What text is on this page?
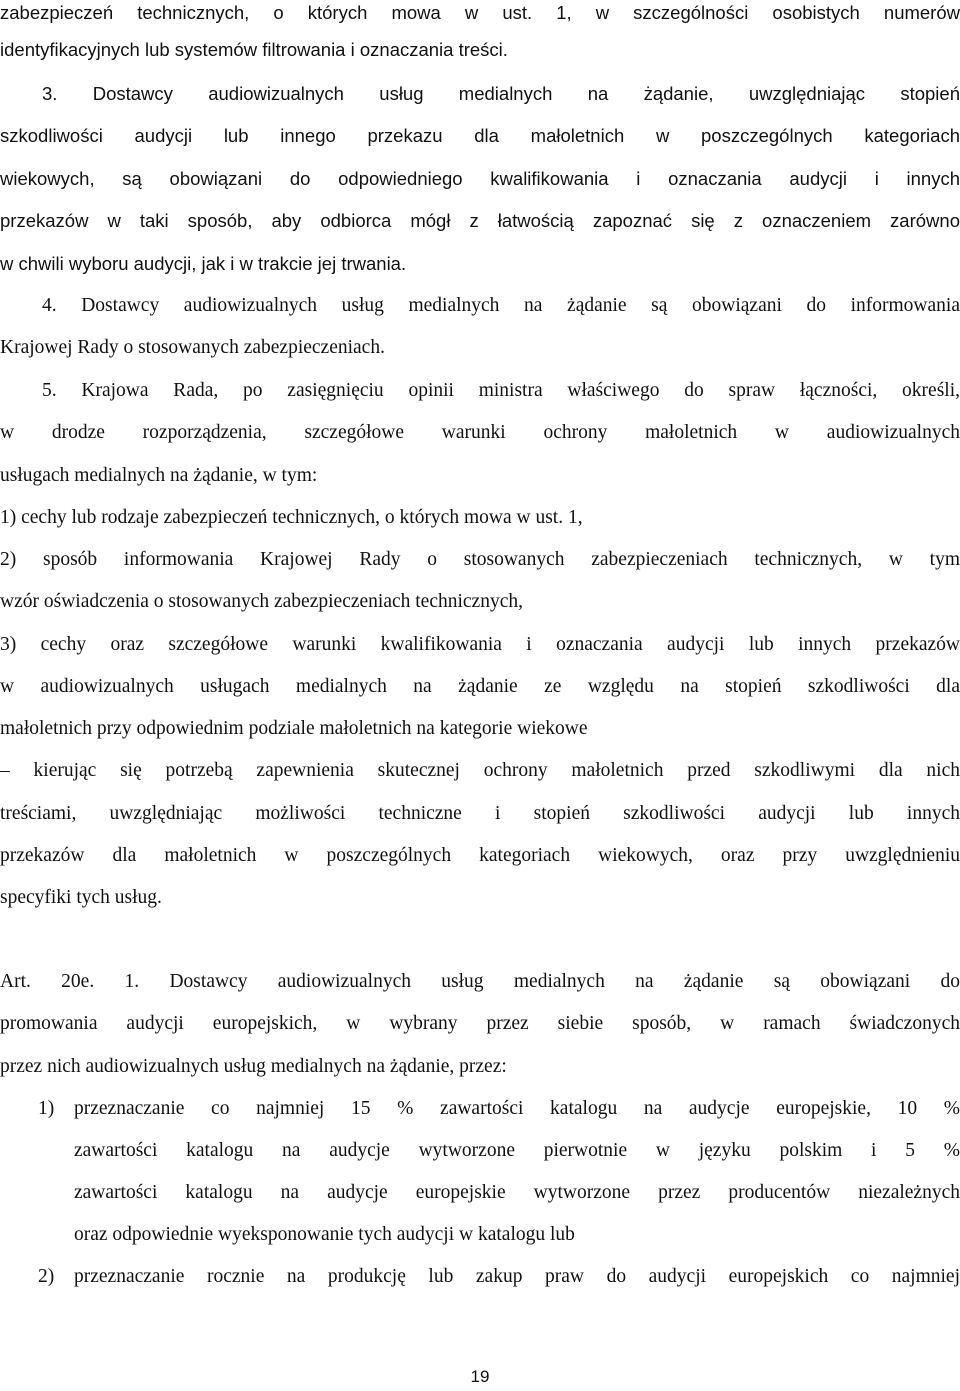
zabezpieczeń technicznych, o których mowa w ust. 1, w szczególności osobistych numerów
identyfikacyjnych lub systemów filtrowania i oznaczania treści.
3. Dostawcy audiowizualnych usług medialnych na żądanie, uwzględniając stopień
szkodliwości audycji lub innego przekazu dla małoletnich w poszczególnych kategoriach
wiekowych, są obowiązani do odpowiedniego kwalifikowania i oznaczania audycji i innych
przekazów w taki sposób, aby odbiorca mógł z łatwością zapoznać się z oznaczeniem zarówno
w chwili wyboru audycji, jak i w trakcie jej trwania.
4. Dostawcy audiowizualnych usług medialnych na żądanie są obowiązani do informowania
Krajowej Rady o stosowanych zabezpieczeniach.
5. Krajowa Rada, po zasięgnięciu opinii ministra właściwego do spraw łączności, określi,
w drodze rozporządzenia, szczegółowe warunki ochrony małoletnich w audiowizualnych
usługach medialnych na żądanie, w tym:
1) cechy lub rodzaje zabezpieczeń technicznych, o których mowa w ust. 1,
2) sposób informowania Krajowej Rady o stosowanych zabezpieczeniach technicznych, w tym
wzór oświadczenia o stosowanych zabezpieczeniach technicznych,
3) cechy oraz szczegółowe warunki kwalifikowania i oznaczania audycji lub innych przekazów
w audiowizualnych usługach medialnych na żądanie ze względu na stopień szkodliwości dla
małoletnich przy odpowiednim podziale małoletnich na kategorie wiekowe
– kierując się potrzebą zapewnienia skutecznej ochrony małoletnich przed szkodliwymi dla nich
treściami, uwzględniając możliwości techniczne i stopień szkodliwości audycji lub innych
przekazów dla małoletnich w poszczególnych kategoriach wiekowych, oraz przy uwzględnieniu
specyfiki tych usług.
Art. 20e. 1. Dostawcy audiowizualnych usług medialnych na żądanie są obowiązani do
promowania audycji europejskich, w wybrany przez siebie sposób, w ramach świadczonych
przez nich audiowizualnych usług medialnych na żądanie, przez:
1)	przeznaczanie co najmniej 15 % zawartości katalogu na audycje europejskie, 10 %
zawartości katalogu na audycje wytworzone pierwotnie w języku polskim i 5 %
zawartości katalogu na audycje europejskie wytworzone przez producentów niezależnych
oraz odpowiednie wyeksponowanie tych audycji w katalogu lub
2)	przeznaczanie rocznie na produkcję lub zakup praw do audycji europejskich co najmniej
19
